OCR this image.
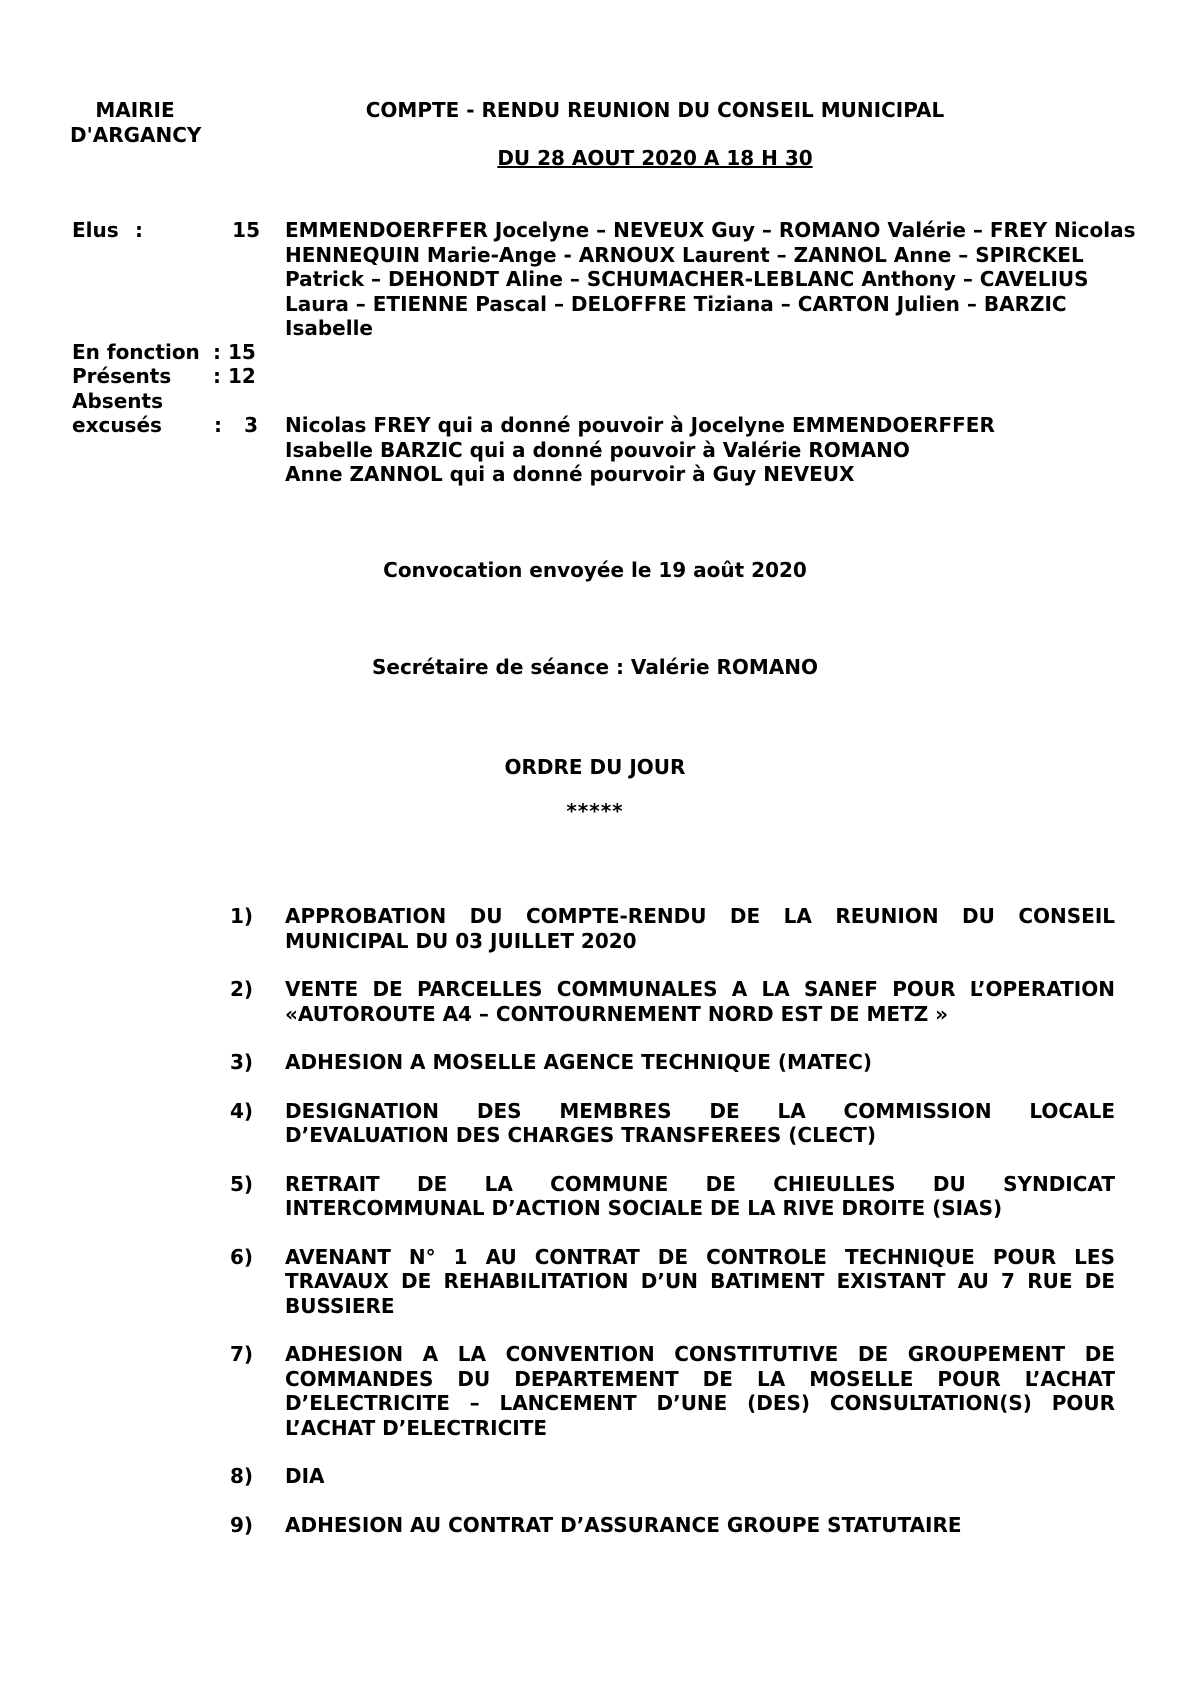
MAIRIE
D'ARGANCY
COMPTE - RENDU REUNION DU CONSEIL MUNICIPAL
DU 28 AOUT 2020 A 18 H 30
Elus :	15 EMMENDOERFFER Jocelyne – NEVEUX Guy – ROMANO Valérie – FREY Nicolas
HENNEQUIN Marie-Ange - ARNOUX Laurent – ZANNOL Anne – SPIRCKEL
Patrick – DEHONDT Aline – SCHUMACHER-LEBLANC Anthony – CAVELIUS
Laura – ETIENNE Pascal – DELOFFRE Tiziana – CARTON Julien – BARZIC
Isabelle
En fonction : 15
Présents : 12
Absents
excusés	:	3 Nicolas FREY qui a donné pouvoir à Jocelyne EMMENDOERFFER
Isabelle BARZIC qui a donné pouvoir à Valérie ROMANO
Anne ZANNOL qui a donné pourvoir à Guy NEVEUX
Convocation envoyée le 19 août 2020
Secrétaire de séance : Valérie ROMANO
ORDRE DU JOUR
*****
1) APPROBATION DU COMPTE-RENDU DE LA REUNION DU CONSEIL
MUNICIPAL DU 03 JUILLET 2020
2) VENTE DE PARCELLES COMMUNALES A LA SANEF POUR L’OPERATION
«AUTOROUTE A4 – CONTOURNEMENT NORD EST DE METZ »
3) ADHESION A MOSELLE AGENCE TECHNIQUE (MATEC)
4) DESIGNATION DES MEMBRES DE LA COMMISSION LOCALE
D’EVALUATION DES CHARGES TRANSFEREES (CLECT)
5) RETRAIT DE LA COMMUNE DE CHIEULLES DU SYNDICAT
INTERCOMMUNAL D’ACTION SOCIALE DE LA RIVE DROITE (SIAS)
6) AVENANT N° 1 AU CONTRAT DE CONTROLE TECHNIQUE POUR LES
TRAVAUX DE REHABILITATION D’UN BATIMENT EXISTANT AU 7 RUE DE
BUSSIERE
7) ADHESION A LA CONVENTION CONSTITUTIVE DE GROUPEMENT DE
COMMANDES DU DEPARTEMENT DE LA MOSELLE POUR L’ACHAT
D’ELECTRICITE – LANCEMENT D’UNE (DES) CONSULTATION(S) POUR
L’ACHAT D’ELECTRICITE
8) DIA
9) ADHESION AU CONTRAT D’ASSURANCE GROUPE STATUTAIRE
